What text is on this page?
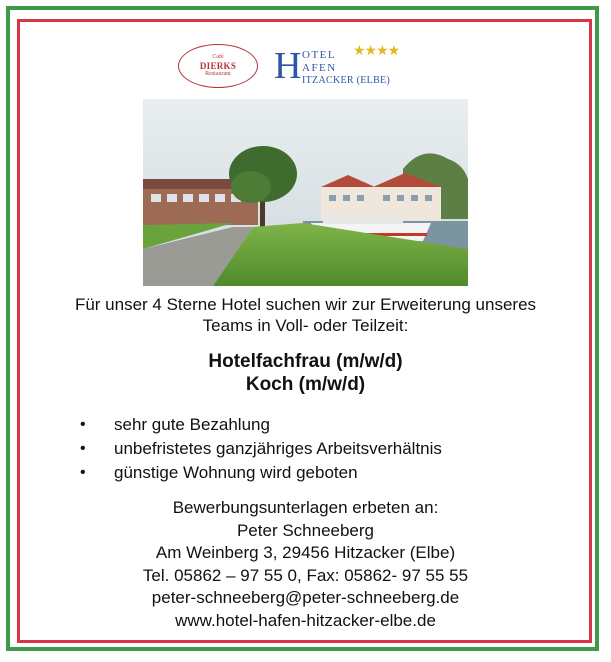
Café
DIERKS
Restaurant H OTEL ★★★★
AFEN
ITZACKER (ELBE)
Für unser 4 Sterne Hotel suchen wir zur Erweiterung unseres
Teams in Voll- oder Teilzeit:
Hotelfachfrau (m/w/d)
Koch (m/w/d)
• sehr gute Bezahlung
• unbefristetes ganzjähriges Arbeitsverhältnis
• günstige Wohnung wird geboten
Bewerbungsunterlagen erbeten an:
Peter Schneeberg
Am Weinberg 3, 29456 Hitzacker (Elbe)
Tel. 05862 – 97 55 0, Fax: 05862- 97 55 55
peter-schneeberg@peter-schneeberg.de
www.hotel-hafen-hitzacker-elbe.de
